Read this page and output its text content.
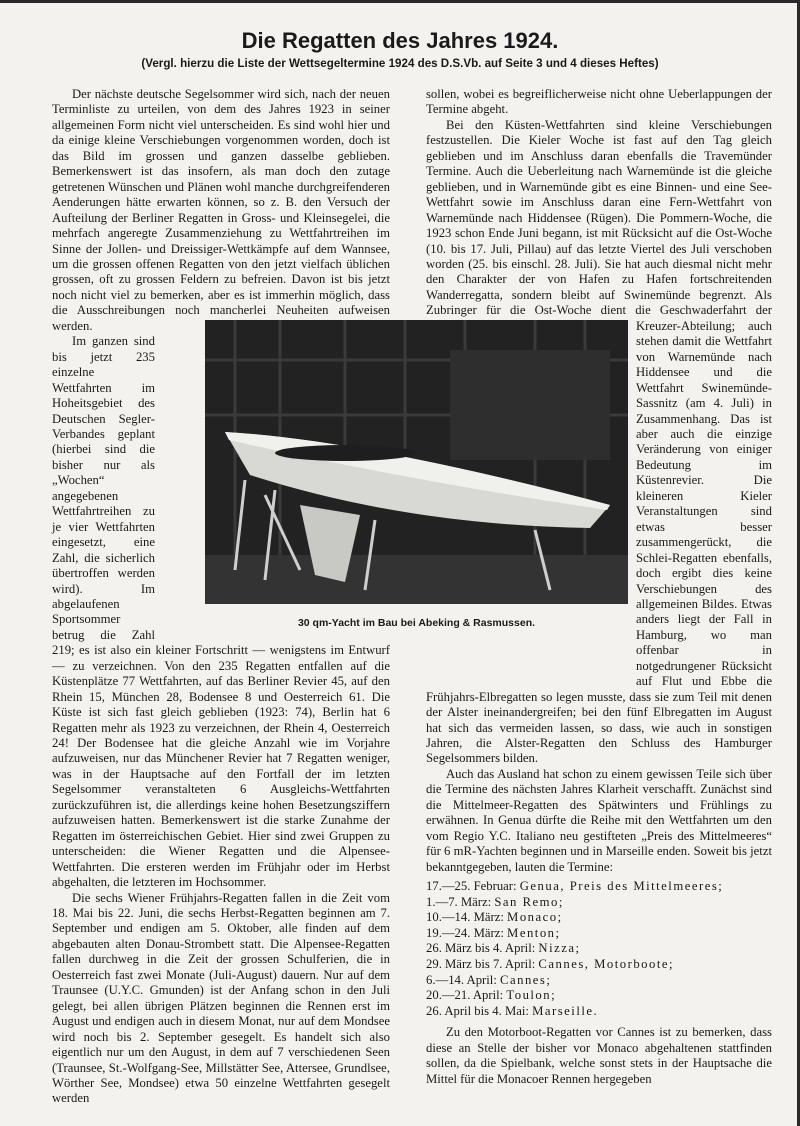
Die Regatten des Jahres 1924.
(Vergl. hierzu die Liste der Wettsegeltermine 1924 des D.S.Vb. auf Seite 3 und 4 dieses Heftes)

Der nächste deutsche Segelsommer wird sich, nach der neuen Terminliste zu urteilen, von dem des Jahres 1923 in seiner allgemeinen Form nicht viel unterscheiden. Es sind wohl hier und da einige kleine Verschiebungen vorgenommen worden, doch ist das Bild im grossen und ganzen dasselbe geblieben. Bemerkenswert ist das insofern, als man doch den zutage getretenen Wünschen und Plänen wohl manche durchgreifenderen Aenderungen hätte erwarten können, so z. B. den Versuch der Aufteilung der Berliner Regatten in Gross- und Kleinsegelei, die mehrfach angeregte Zusammenziehung zu Wettfahrtreihen im Sinne der Jollen- und Dreissiger-Wettkämpfe auf dem Wannsee, um die grossen offenen Regatten von den jetzt vielfach üblichen grossen, oft zu grossen Feldern zu befreien. Davon ist bis jetzt noch nicht viel zu bemerken, aber es ist immerhin möglich, dass die Ausschreibungen noch mancherlei Neuheiten aufweisen werden.

Im ganzen sind bis jetzt 235 einzelne Wettfahrten im Hoheitsgebiet des Deutschen Segler-Verbandes geplant (hierbei sind die bisher nur als „Wochen“ angegebenen Wettfahrtreihen zu je vier Wettfahrten eingesetzt, eine Zahl, die sicherlich übertroffen werden wird). Im abgelaufenen Sportsommer betrug die Zahl 219; es ist also ein kleiner Fortschritt — wenigstens im Entwurf — zu verzeichnen. Von den 235 Regatten entfallen auf die Küstenplätze 77 Wettfahrten, auf das Berliner Revier 45, auf den Rhein 15, München 28, Bodensee 8 und Oesterreich 61. Die Küste ist sich fast gleich geblieben (1923: 74), Berlin hat 6 Regatten mehr als 1923 zu verzeichnen, der Rhein 4, Oesterreich 24! Der Bodensee hat die gleiche Anzahl wie im Vorjahre aufzuweisen, nur das Münchener Revier hat 7 Regatten weniger, was in der Hauptsache auf den Fortfall der im letzten Segelsommer veranstalteten 6 Ausgleichs-Wettfahrten zurückzuführen ist, die allerdings keine hohen Besetzungsziffern aufzuweisen hatten. Bemerkenswert ist die starke Zunahme der Regatten im österreichischen Gebiet. Hier sind zwei Gruppen zu unterscheiden: die Wiener Regatten und die Alpensee-Wettfahrten. Die ersteren werden im Frühjahr oder im Herbst abgehalten, die letzteren im Hochsommer.

Die sechs Wiener Frühjahrs-Regatten fallen in die Zeit vom 18. Mai bis 22. Juni, die sechs Herbst-Regatten beginnen am 7. September und endigen am 5. Oktober, alle finden auf dem abgebauten alten Donau-Strombett statt. Die Alpensee-Regatten fallen durchweg in die Zeit der grossen Schulferien, die in Oesterreich fast zwei Monate (Juli-August) dauern. Nur auf dem Traunsee (U.Y.C. Gmunden) ist der Anfang schon in den Juli gelegt, bei allen übrigen Plätzen beginnen die Rennen erst im August und endigen auch in diesem Monat, nur auf dem Mondsee wird noch bis 2. September gesegelt. Es handelt sich also eigentlich nur um den August, in dem auf 7 verschiedenen Seen (Traunsee, St.-Wolfgang-See, Millstätter See, Attersee, Grundlsee, Wörther See, Mondsee) etwa 50 einzelne Wettfahrten gesegelt werden

sollen, wobei es begreiflicherweise nicht ohne Ueberlappungen der Termine abgeht.

Bei den Küsten-Wettfahrten sind kleine Verschiebungen festzustellen. Die Kieler Woche ist fast auf den Tag gleich geblieben und im Anschluss daran ebenfalls die Travemünder Termine. Auch die Ueberleitung nach Warnemünde ist die gleiche geblieben, und in Warnemünde gibt es eine Binnen- und eine See-Wettfahrt sowie im Anschluss daran eine Fern-Wettfahrt von Warnemünde nach Hiddensee (Rügen). Die Pommern-Woche, die 1923 schon Ende Juni begann, ist mit Rücksicht auf die Ost-Woche (10. bis 17. Juli, Pillau) auf das letzte Viertel des Juli verschoben worden (25. bis einschl. 28. Juli). Sie hat auch diesmal nicht mehr den Charakter der von Hafen zu Hafen fortschreitenden Wanderregatta, sondern bleibt auf Swinemünde begrenzt. Als Zubringer für die Ost-Woche dient die Geschwaderfahrt der Kreuzer-Abteilung; auch stehen damit die Wettfahrt von Warnemünde nach Hiddensee und die Wettfahrt Swinemünde-Sassnitz (am 4. Juli) in Zusammenhang. Das ist aber auch die einzige Veränderung von einiger Bedeutung im Küstenrevier. Die kleineren Kieler Veranstaltungen sind etwas besser zusammengerückt, die Schlei-Regatten ebenfalls, doch ergibt dies keine Verschiebungen des allgemeinen Bildes. Etwas anders liegt der Fall in Hamburg, wo man offenbar in notgedrungener Rücksicht auf Flut und Ebbe die Frühjahrs-Elbregatten so legen musste, dass sie zum Teil mit denen der Alster ineinandergreifen; bei den fünf Elbregatten im August hat sich das vermeiden lassen, so dass, wie auch in sonstigen Jahren, die Alster-Regatten den Schluss des Hamburger Segelsommers bilden.

Auch das Ausland hat schon zu einem gewissen Teile sich über die Termine des nächsten Jahres Klarheit verschafft. Zunächst sind die Mittelmeer-Regatten des Spätwinters und Frühlings zu erwähnen. In Genua dürfte die Reihe mit den Wettfahrten um den vom Regio Y.C. Italiano neu gestifteten „Preis des Mittelmeeres“ für 6 mR-Yachten beginnen und in Marseille enden. Soweit bis jetzt bekanntgegeben, lauten die Termine:

17.—25. Februar: Genua, Preis des Mittelmeeres;
1.—7. März: San Remo;
10.—14. März: Monaco;
19.—24. März: Menton;
26. März bis 4. April: Nizza;
29. März bis 7. April: Cannes, Motorboote;
6.—14. April: Cannes;
20.—21. April: Toulon;
26. April bis 4. Mai: Marseille.

Zu den Motorboot-Regatten vor Cannes ist zu bemerken, dass diese an Stelle der bisher vor Monaco abgehaltenen stattfinden sollen, da die Spielbank, welche sonst stets in der Hauptsache die Mittel für die Monacoer Rennen hergegeben

30 qm-Yacht im Bau bei Abeking & Rasmussen.
